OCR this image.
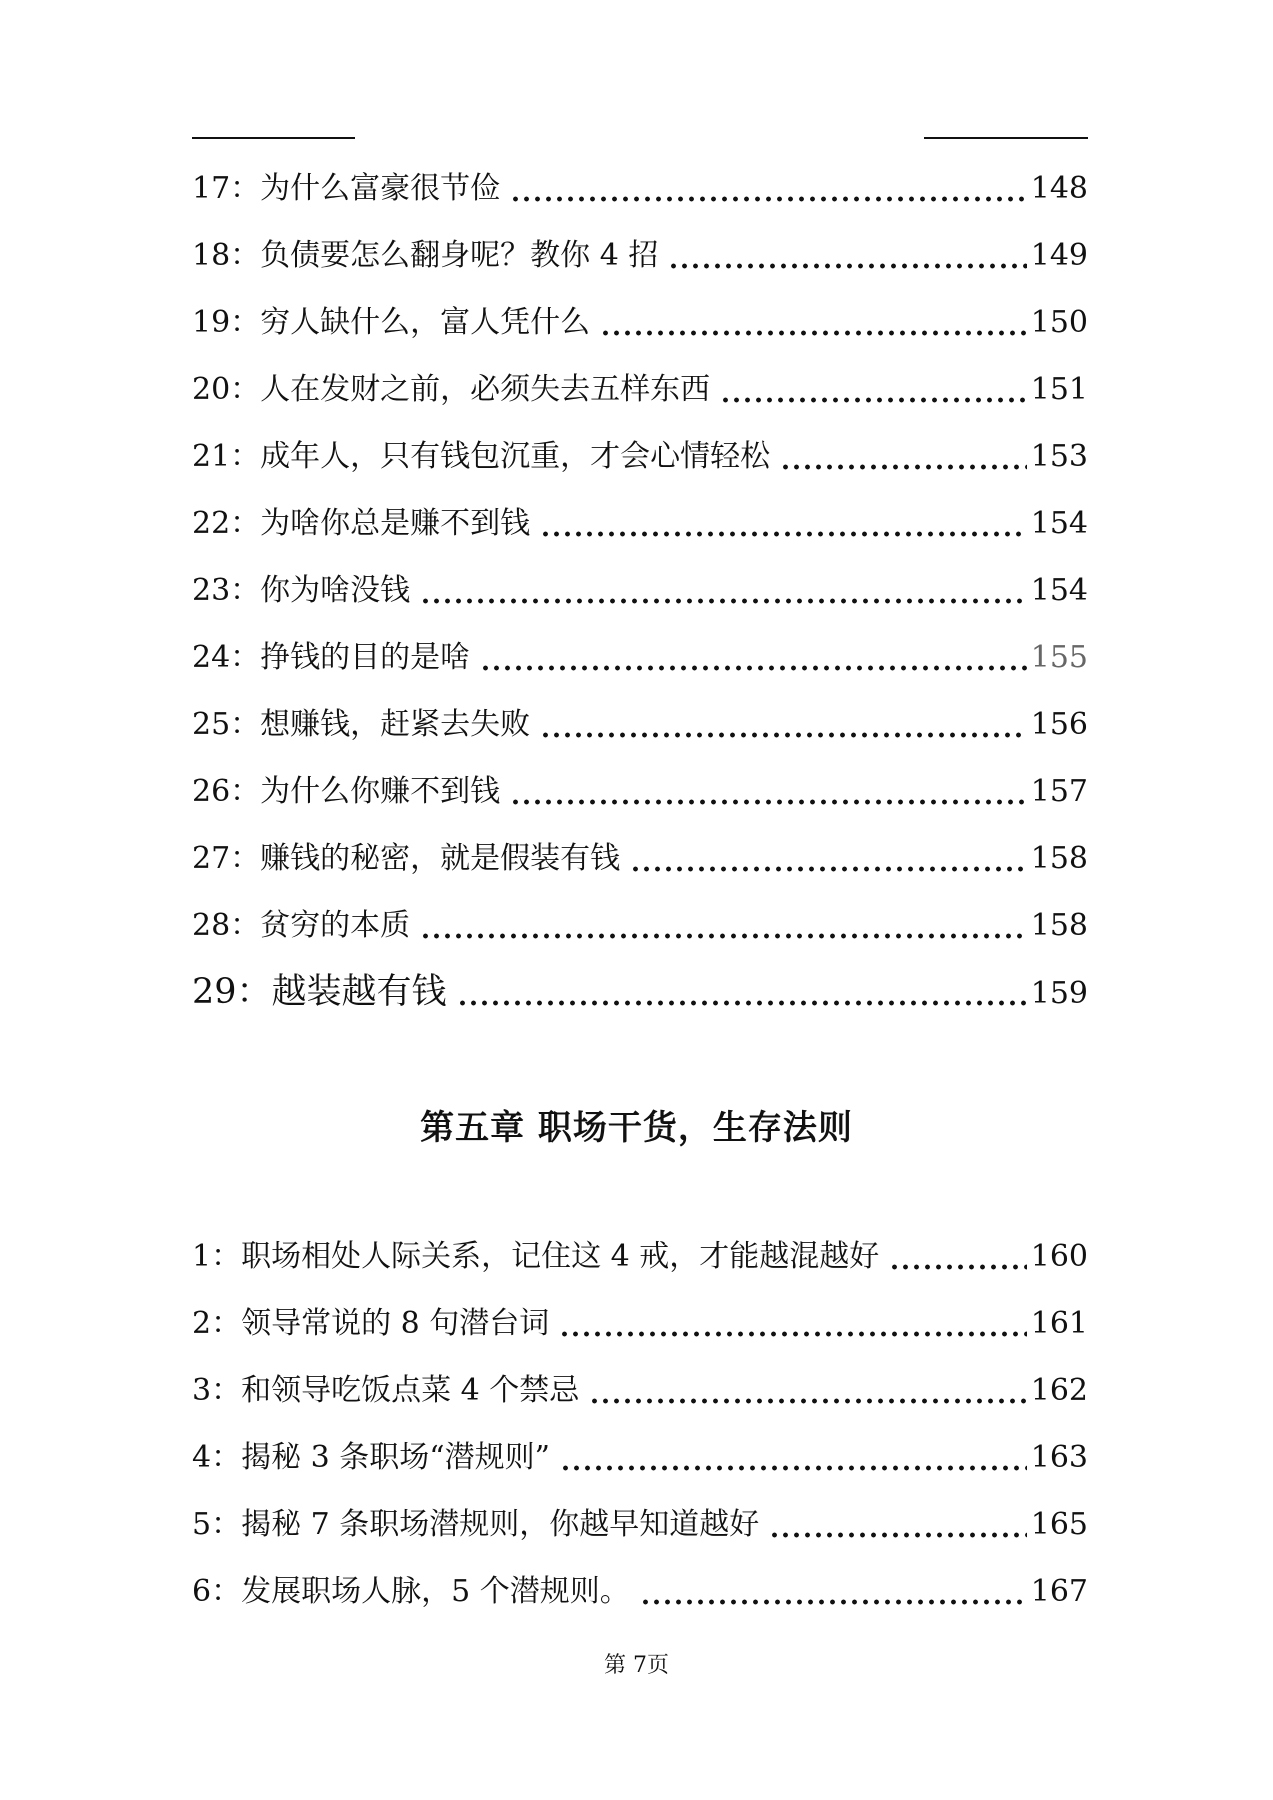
17：为什么富豪很节俭	148
18：负债要怎么翻身呢？教你 4 招	149
19：穷人缺什么，富人凭什么	150
20：人在发财之前，必须失去五样东西	151
21：成年人，只有钱包沉重，才会心情轻松	153
22：为啥你总是赚不到钱	154
23：你为啥没钱	154
24：挣钱的目的是啥	155
25：想赚钱，赶紧去失败	156
26：为什么你赚不到钱	157
27：赚钱的秘密，就是假装有钱	158
28：贫穷的本质	158
29：越装越有钱	159
第五章 职场干货，生存法则
1：职场相处人际关系，记住这 4 戒，才能越混越好	160
2：领导常说的 8 句潜台词	161
3：和领导吃饭点菜 4 个禁忌	162
4：揭秘 3 条职场“潜规则”	163
5：揭秘 7 条职场潜规则，你越早知道越好	165
6：发展职场人脉，5 个潜规则。	167
第 7页
